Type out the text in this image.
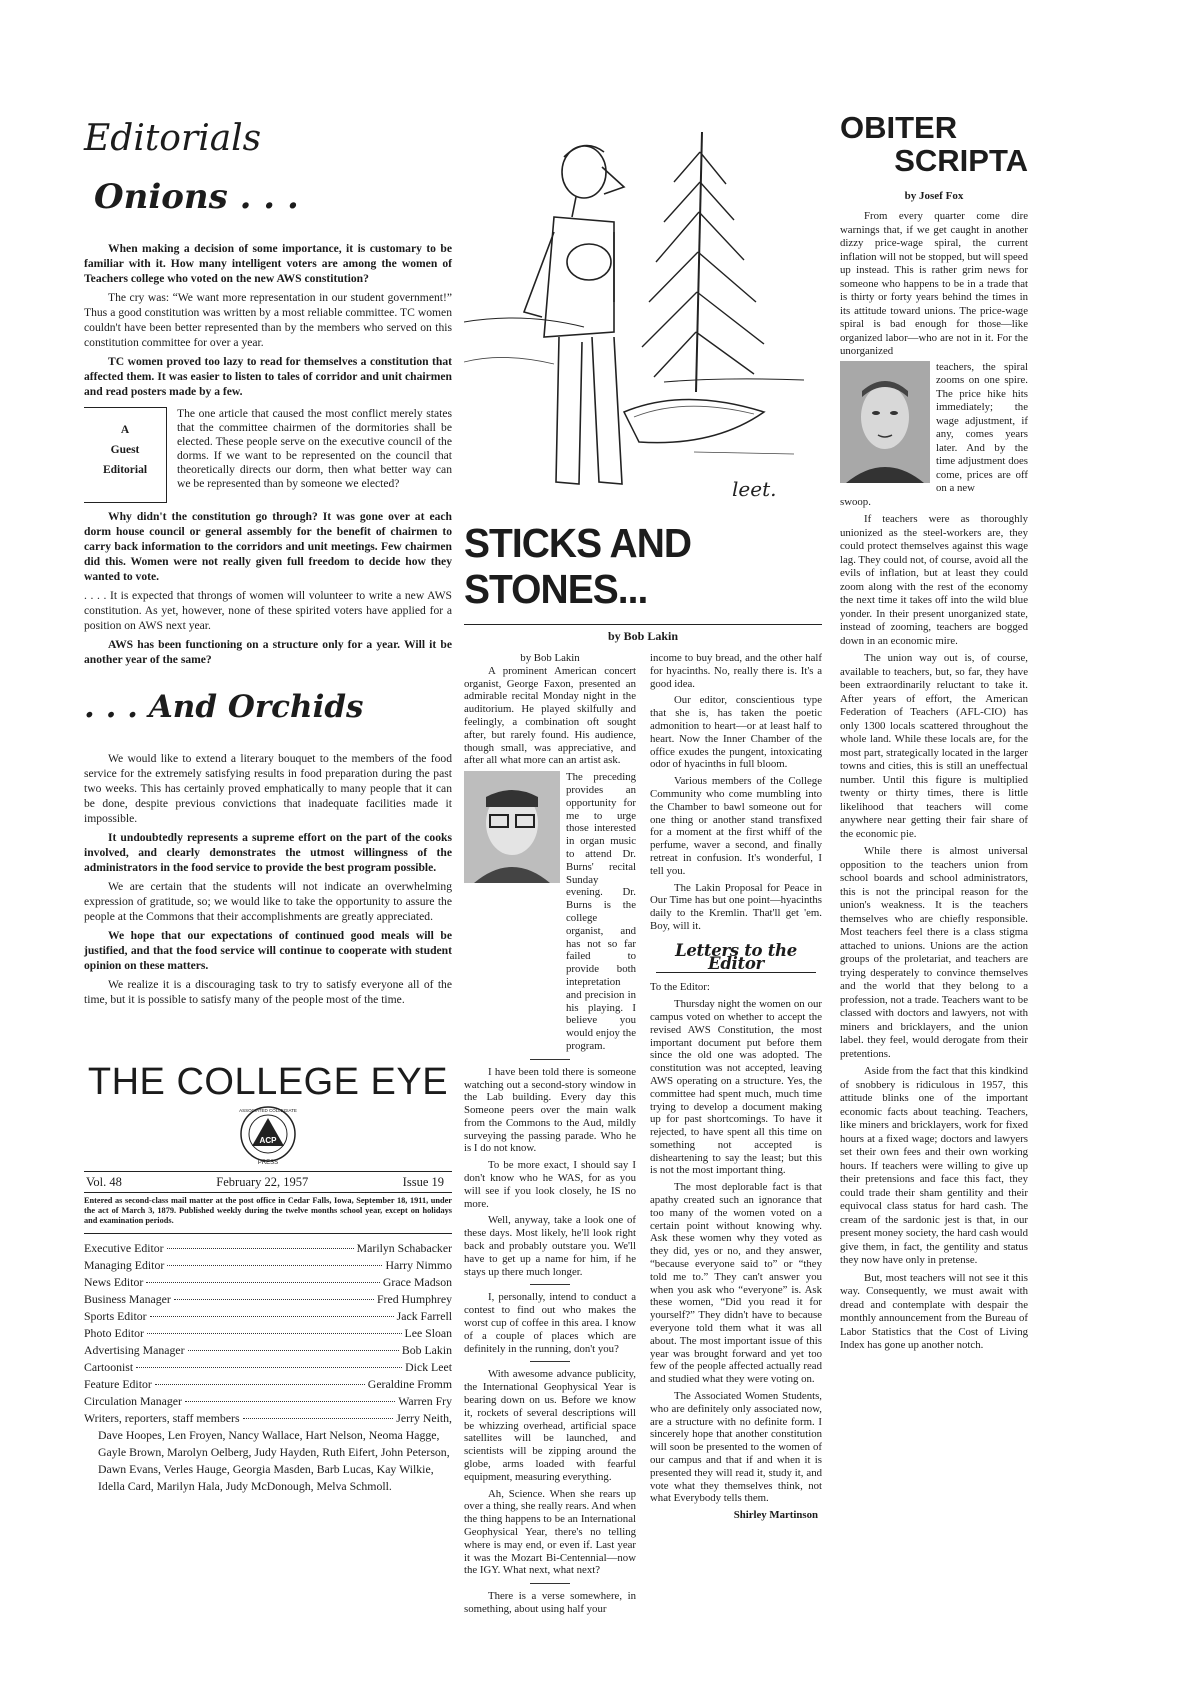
Editorials
Onions . . .

When making a decision of some importance, it is customary to be familiar with it. How many intelligent voters are among the women of Teachers college who voted on the new AWS constitution?

The cry was: “We want more representation in our student government!” Thus a good constitution was written by a most reliable committee. TC women couldn't have been better represented than by the members who served on this constitution committee for over a year.

TC women proved too lazy to read for themselves a constitution that affected them. It was easier to listen to tales of corridor and unit chairmen and read posters made by a few.

A
Guest
Editorial

The one article that caused the most conflict merely states that the committee chairmen of the dormitories shall be elected. These people serve on the executive council of the dorms. If we want to be represented on the council that theoretically directs our dorm, then what better way can we be represented than by someone we elected?

Why didn't the constitution go through? It was gone over at each dorm house council or general assembly for the benefit of chairmen to carry back information to the corridors and unit meetings. Few chairmen did this. Women were not really given full freedom to decide how they wanted to vote.

. . . . It is expected that throngs of women will volunteer to write a new AWS constitution. As yet, however, none of these spirited voters have applied for a position on AWS next year.

AWS has been functioning on a structure only for a year. Will it be another year of the same?

. . . And Orchids

We would like to extend a literary bouquet to the members of the food service for the extremely satisfying results in food preparation during the past two weeks. This has certainly proved emphatically to many people that it can be done, despite previous convictions that inadequate facilities made it impossible.

It undoubtedly represents a supreme effort on the part of the cooks involved, and clearly demonstrates the utmost willingness of the administrators in the food service to provide the best program possible.

We are certain that the students will not indicate an overwhelming expression of gratitude, so; we would like to take the opportunity to assure the people at the Commons that their accomplishments are greatly appreciated.

We hope that our expectations of continued good meals will be justified, and that the food service will continue to cooperate with student opinion on these matters.

We realize it is a discouraging task to try to satisfy everyone all of the time, but it is possible to satisfy many of the people most of the time.

THE COLLEGE EYE
ACP
PRESS
ASSOCIATED COLLEGIATE
Vol. 48	February 22, 1957	Issue 19

Entered as second-class mail matter at the post office in Cedar Falls, Iowa, September 18, 1911, under the act of March 3, 1879. Published weekly during the twelve months school year, except on holidays and examination periods.

Executive Editor	Marilyn Schabacker
Managing Editor	Harry Nimmo
News Editor	Grace Madson
Business Manager	Fred Humphrey
Sports Editor	Jack Farrell
Photo Editor	Lee Sloan
Advertising Manager	Bob Lakin
Cartoonist	Dick Leet
Feature Editor	Geraldine Fromm
Circulation Manager	Warren Fry
Writers, reporters, staff members	Jerry Neith,

Dave Hoopes, Len Froyen, Nancy Wallace, Hart Nelson, Neoma Hagge, Gayle Brown, Marolyn Oelberg, Judy Hayden, Ruth Eifert, John Peterson, Dawn Evans, Verles Hauge, Georgia Masden, Barb Lucas, Kay Wilkie, Idella Card, Marilyn Hala, Judy McDonough, Melva Schmoll.

leet.
STICKS AND STONES...
by Bob Lakin
by Bob Lakin

A prominent American concert organist, George Faxon, presented an admirable recital Monday night in the auditorium. He played skilfully and feelingly, a combination oft sought after, but rarely found. His audience, though small, was appreciative, and after all what more can an artist ask.

The preceding provides an opportunity for me to urge those interested in organ music to attend Dr. Burns' recital Sunday evening. Dr. Burns is the college organist, and has not so far failed to provide both intepretation and precision in his playing. I believe you would enjoy the program.

I have been told there is someone watching out a second-story window in the Lab building. Every day this Someone peers over the main walk from the Commons to the Aud, mildly surveying the passing parade. Who he is I do not know.

To be more exact, I should say I don't know who he WAS, for as you will see if you look closely, he IS no more.

Well, anyway, take a look one of these days. Most likely, he'll look right back and probably outstare you. We'll have to get up a name for him, if he stays up there much longer.

I, personally, intend to conduct a contest to find out who makes the worst cup of coffee in this area. I know of a couple of places which are definitely in the running, don't you?

With awesome advance publicity, the International Geophysical Year is bearing down on us. Before we know it, rockets of several descriptions will be whizzing overhead, artificial space satellites will be launched, and scientists will be zipping around the globe, arms loaded with fearful equipment, measuring everything.

Ah, Science. When she rears up over a thing, she really rears. And when the thing happens to be an International Geophysical Year, there's no telling where is may end, or even if. Last year it was the Mozart Bi-Centennial—now the IGY. What next, what next?

There is a verse somewhere, in something, about using half your

income to buy bread, and the other half for hyacinths. No, really there is. It's a good idea.

Our editor, conscientious type that she is, has taken the poetic admonition to heart—or at least half to heart. Now the Inner Chamber of the office exudes the pungent, intoxicating odor of hyacinths in full bloom.

Various members of the College Community who come mumbling into the Chamber to bawl someone out for one thing or another stand transfixed for a moment at the first whiff of the perfume, waver a second, and finally retreat in confusion. It's wonderful, I tell you.

The Lakin Proposal for Peace in Our Time has but one point—hyacinths daily to the Kremlin. That'll get 'em. Boy, will it.

Letters to the Editor

To the Editor:

Thursday night the women on our campus voted on whether to accept the revised AWS Constitution, the most important document put before them since the old one was adopted. The constitution was not accepted, leaving AWS operating on a structure. Yes, the committee had spent much, much time trying to develop a document making up for past shortcomings. To have it rejected, to have spent all this time on something not accepted is disheartening to say the least; but this is not the most important thing.

The most deplorable fact is that apathy created such an ignorance that too many of the women voted on a certain point without knowing why. Ask these women why they voted as they did, yes or no, and they answer, “because everyone said to” or “they told me to.” They can't answer you when you ask who “everyone” is. Ask these women, “Did you read it for yourself?” They didn't have to because everyone told them what it was all about. The most important issue of this year was brought forward and yet too few of the people affected actually read and studied what they were voting on.

The Associated Women Students, who are definitely only associated now, are a structure with no definite form. I sincerely hope that another constitution will soon be presented to the women of our campus and that if and when it is presented they will read it, study it, and vote what they themselves think, not what Everybody tells them.

Shirley Martinson
OBITER
SCRIPTA
by Josef Fox

From every quarter come dire warnings that, if we get caught in another dizzy price-wage spiral, the current inflation will not be stopped, but will speed up instead. This is rather grim news for someone who happens to be in a trade that is thirty or forty years behind the times in its attitude toward unions. The price-wage spiral is bad enough for those—like organized labor—who are not in it. For the unorganized

teachers, the spiral zooms on one spire. The price hike hits immediately; the wage adjustment, if any, comes years later. And by the time adjustment does come, prices are off on a new

swoop.

If teachers were as thoroughly unionized as the steel-workers are, they could protect themselves against this wage lag. They could not, of course, avoid all the evils of inflation, but at least they could zoom along with the rest of the economy the next time it takes off into the wild blue yonder. In their present unorganized state, instead of zooming, teachers are bogged down in an economic mire.

The union way out is, of course, available to teachers, but, so far, they have been extraordinarily reluctant to take it. After years of effort, the American Federation of Teachers (AFL-CIO) has only 1300 locals scattered throughout the whole land. While these locals are, for the most part, strategically located in the larger towns and cities, this is still an uneffectual number. Until this figure is multiplied twenty or thirty times, there is little likelihood that teachers will come anywhere near getting their fair share of the economic pie.

While there is almost universal opposition to the teachers union from school boards and school administrators, this is not the principal reason for the union's weakness. It is the teachers themselves who are chiefly responsible. Most teachers feel there is a class stigma attached to unions. Unions are the action groups of the proletariat, and teachers are trying desperately to convince themselves and the world that they belong to a profession, not a trade. Teachers want to be classed with doctors and lawyers, not with miners and bricklayers, and the union label. they feel, would derogate from their pretentions.

Aside from the fact that this kindkind of snobbery is ridiculous in 1957, this attitude blinks one of the important economic facts about teaching. Teachers, like miners and bricklayers, work for fixed hours at a fixed wage; doctors and lawyers set their own fees and their own working hours. If teachers were willing to give up their pretensions and face this fact, they could trade their sham gentility and their equivocal class status for hard cash. The cream of the sardonic jest is that, in our present money society, the hard cash would give them, in fact, the gentility and status they now have only in pretense.

But, most teachers will not see it this way. Consequently, we must await with dread and contemplate with despair the monthly announcement from the Bureau of Labor Statistics that the Cost of Living Index has gone up another notch.
